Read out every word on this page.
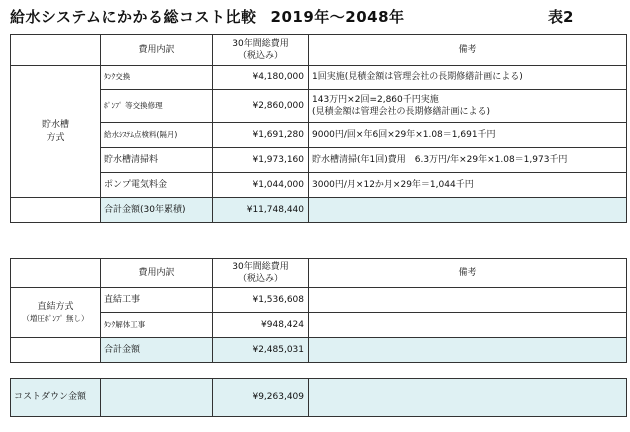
給水システムにかかる総コスト比較 2019年～2048年	表2
	費用内訳	30年間総費用
（税込み）	備考

貯水槽
方式	ﾀﾝｸ交換	¥4,180,000	1回実施(見積金額は管理会社の長期修繕計画による)
	ﾎﾟﾝﾌﾟ 等交換修理	¥2,860,000	143万円×2回=2,860千円実施
(見積金額は管理会社の長期修繕計画による)

	給水ｼｽﾃﾑ点検料(隔月)	¥1,691,280	9000円/回×年6回×29年×1.08＝1,691千円
	貯水槽清掃料	¥1,973,160	貯水槽清掃(年1回)費用　6.3万円/年×29年×1.08＝1,973千円
	ポンプ電気料金	¥1,044,000	3000円/月×12か月×29年＝1,044千円
	合計金額(30年累積)	¥11,748,440	
	費用内訳	30年間総費用
（税込み）	備考

直結方式
（増圧ﾎﾟﾝﾌﾟ 無し）	直結工事	¥1,536,608	
	ﾀﾝｸ解体工事	¥948,424	
	合計金額	¥2,485,031	
コストダウン金額		¥9,263,409	
